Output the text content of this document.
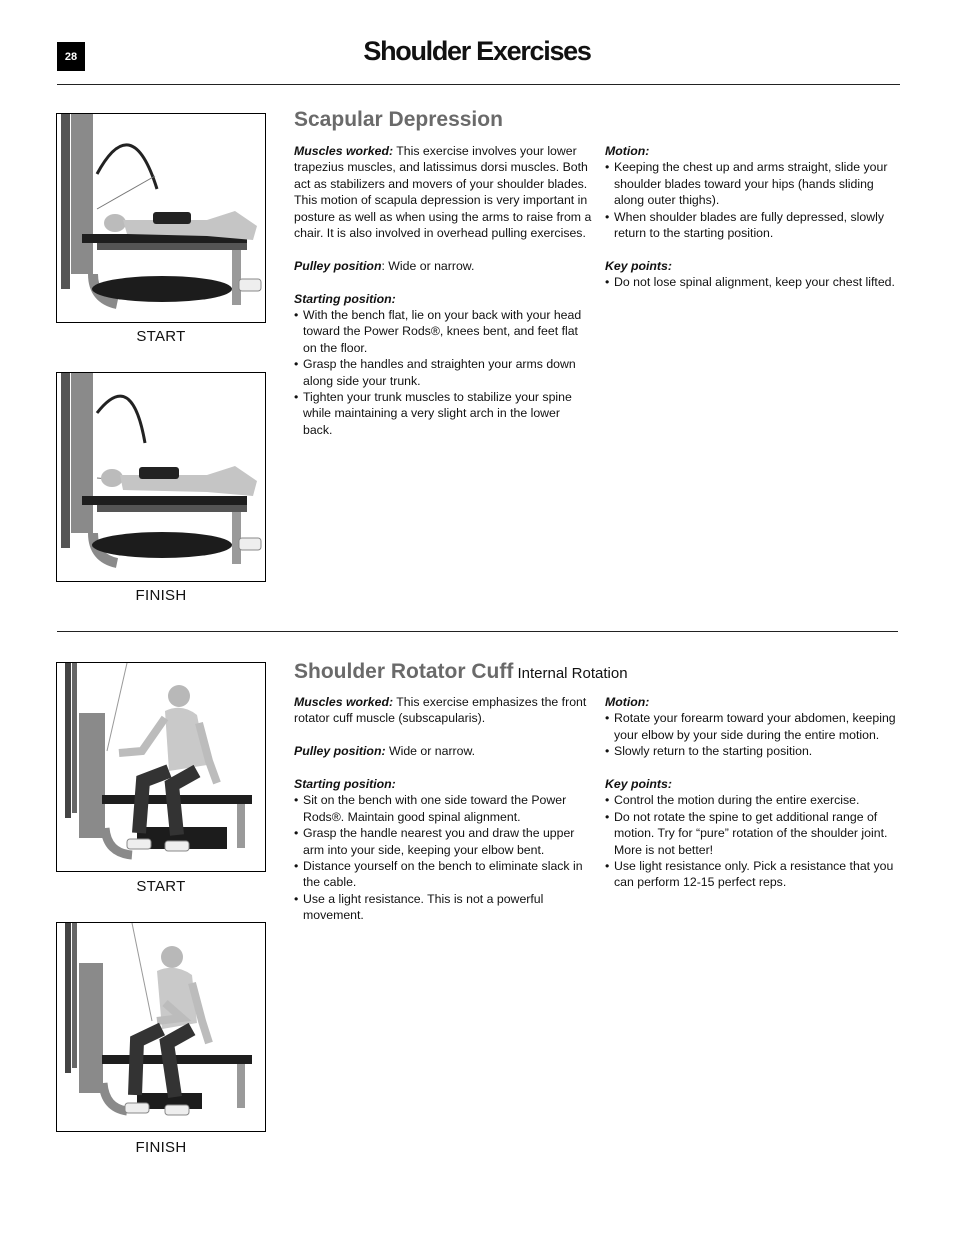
28	Shoulder Exercises
START
FINISH
Scapular Depression

Muscles worked: This exercise involves your lower trapezius muscles, and latissimus dorsi muscles. Both act as stabilizers and movers of your shoulder blades. This motion of scapula depression is very important in posture as well as when using the arms to raise from a chair. It is also involved in overhead pulling exercises.

Pulley position: Wide or narrow.

Starting position:
• With the bench flat, lie on your back with your head toward the Power Rods®, knees bent, and feet flat on the floor.
• Grasp the handles and straighten your arms down along side your trunk.
• Tighten your trunk muscles to stabilize your spine while maintaining a very slight arch in the lower back.
Motion:
• Keeping the chest up and arms straight, slide your shoulder blades toward your hips (hands sliding along outer thighs).
• When shoulder blades are fully depressed, slowly return to the starting position.
Key points:
• Do not lose spinal alignment, keep your chest lifted.
START
FINISH
Shoulder Rotator Cuff Internal Rotation

Muscles worked: This exercise emphasizes the front rotator cuff muscle (subscapularis).

Pulley position: Wide or narrow.

Starting position:
• Sit on the bench with one side toward the Power Rods®. Maintain good spinal alignment.
• Grasp the handle nearest you and draw the upper arm into your side, keeping your elbow bent.
• Distance yourself on the bench to eliminate slack in the cable.
• Use a light resistance. This is not a powerful movement.
Motion:
• Rotate your forearm toward your abdomen, keeping your elbow by your side during the entire motion.
• Slowly return to the starting position.
Key points:
• Control the motion during the entire exercise.
• Do not rotate the spine to get additional range of motion. Try for “pure” rotation of the shoulder joint. More is not better!
• Use light resistance only. Pick a resistance that you can perform 12-15 perfect reps.
